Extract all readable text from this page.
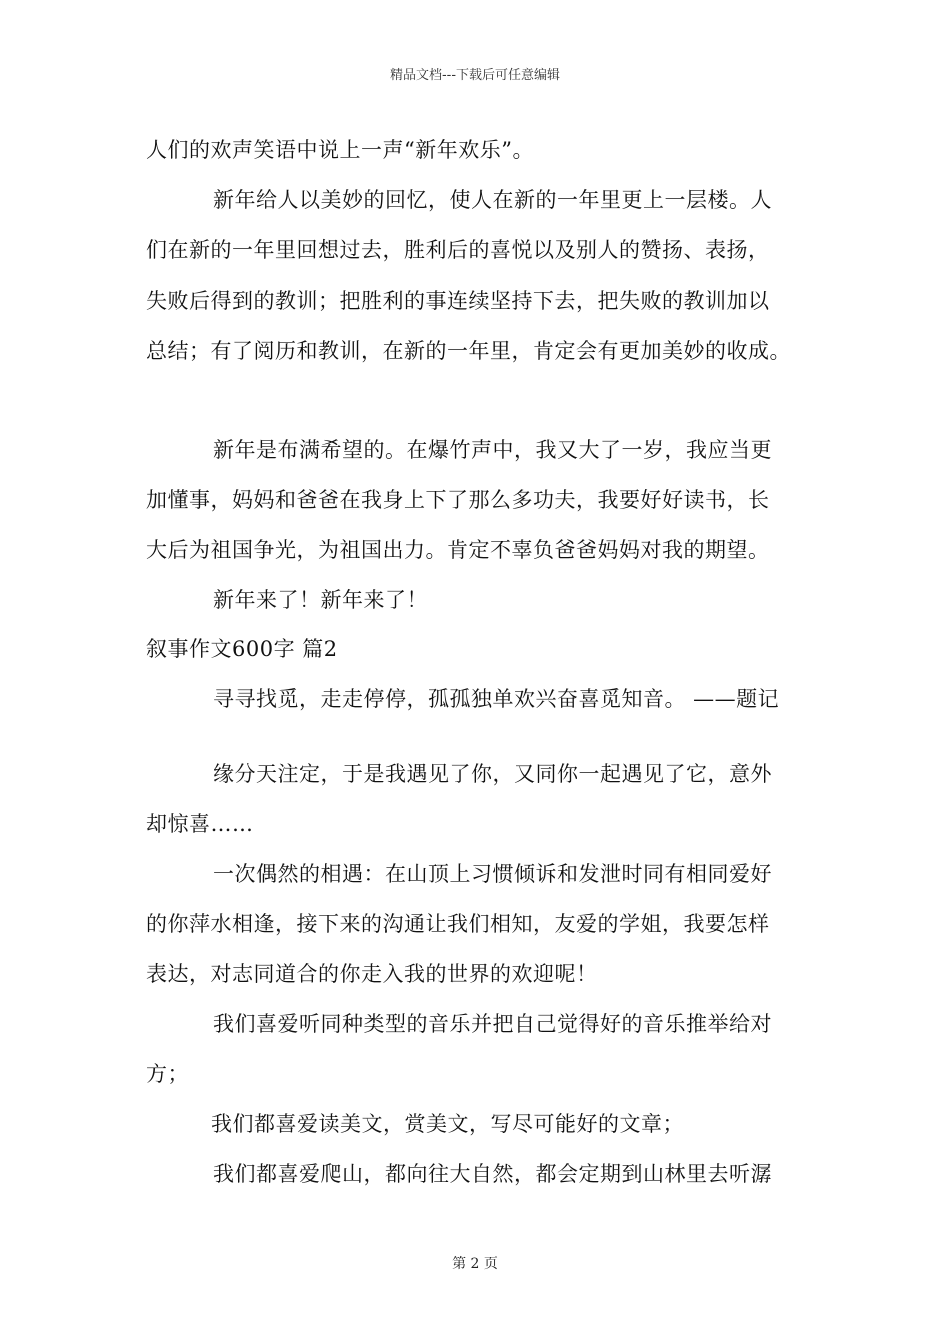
精品文档---下载后可任意编辑
人们的欢声笑语中说上一声“新年欢乐”。
新年给人以美妙的回忆，使人在新的一年里更上一层楼。人
们在新的一年里回想过去，胜利后的喜悦以及别人的赞扬、表扬，
失败后得到的教训；把胜利的事连续坚持下去，把失败的教训加以
总结；有了阅历和教训，在新的一年里，肯定会有更加美妙的收成。
新年是布满希望的。在爆竹声中，我又大了一岁，我应当更
加懂事，妈妈和爸爸在我身上下了那么多功夫，我要好好读书，长
大后为祖国争光，为祖国出力。肯定不辜负爸爸妈妈对我的期望。
新年来了！新年来了！
叙事作文600字 篇2
寻寻找觅，走走停停，孤孤独单欢兴奋喜觅知音。 ——题记
缘分天注定，于是我遇见了你，又同你一起遇见了它，意外
却惊喜……
一次偶然的相遇：在山顶上习惯倾诉和发泄时同有相同爱好
的你萍水相逢，接下来的沟通让我们相知，友爱的学姐，我要怎样
表达，对志同道合的你走入我的世界的欢迎呢！
我们喜爱听同种类型的音乐并把自己觉得好的音乐推举给对
方；
我们都喜爱读美文，赏美文，写尽可能好的文章；
我们都喜爱爬山，都向往大自然，都会定期到山林里去听潺
第 2 页
